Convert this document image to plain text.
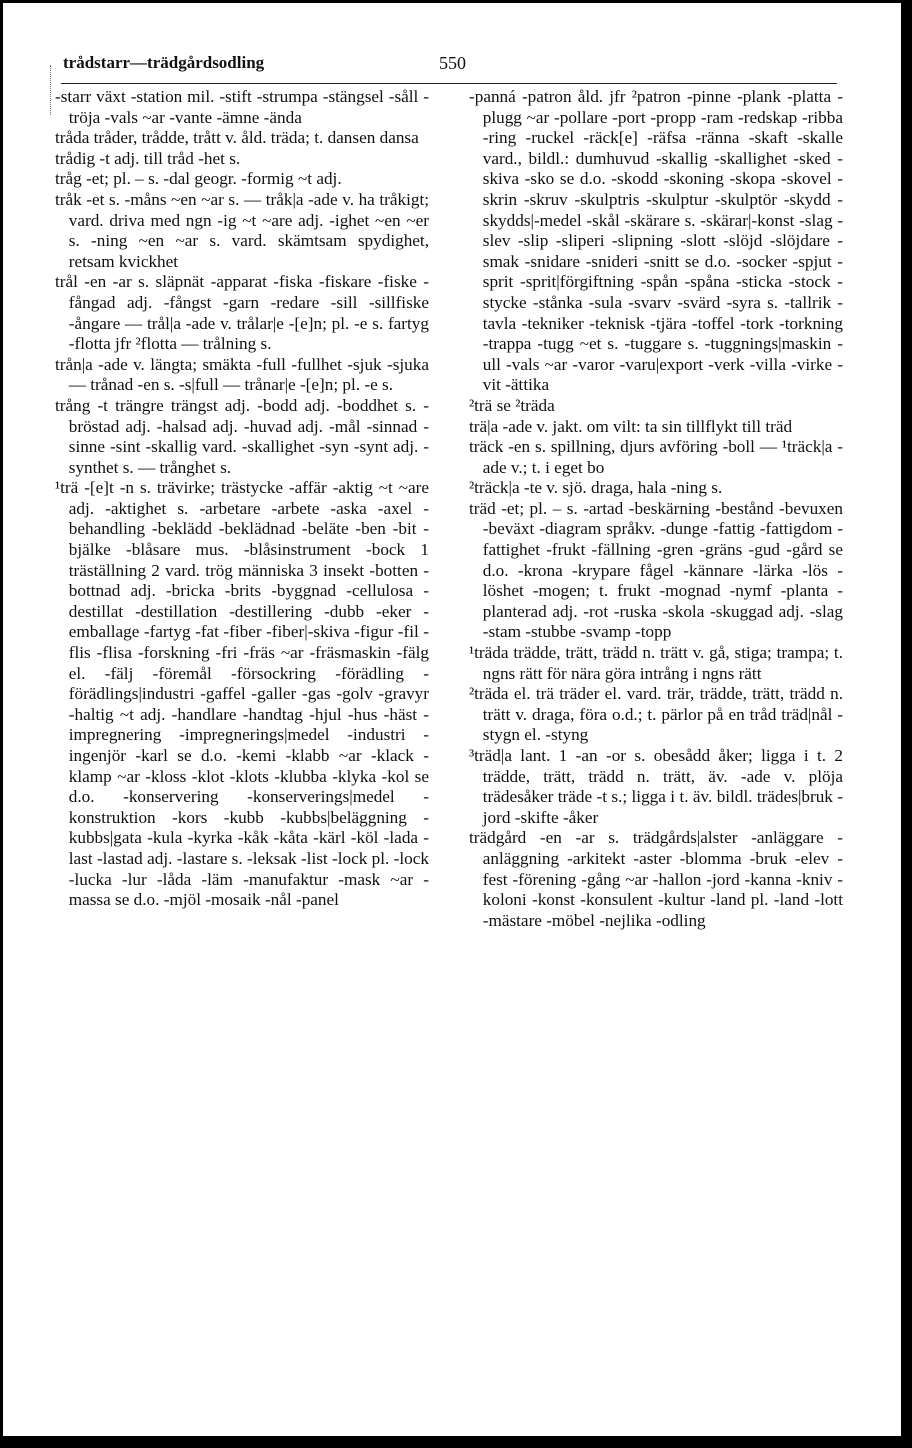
trådstarr—trädgårdsodling	550

-starr växt -station mil. -stift -strumpa -stängsel -såll -tröja -vals ~ar -vante -ämne -ända

tråda tråder, trådde, trått v. åld. träda; t. dansen dansa

trådig -t adj. till tråd -het s.

tråg -et; pl. – s. -dal geogr. -formig ~t adj.

tråk -et s. -måns ~en ~ar s. — tråk|a -ade v. ha tråkigt; vard. driva med ngn -ig ~t ~are adj. -ighet ~en ~er s. -ning ~en ~ar s. vard. skämtsam spydighet, retsam kvickhet

trål -en -ar s. släpnät -apparat -fiska -fiskare -fiske -fångad adj. -fångst -garn -redare -sill -sillfiske -ångare — trål|a -ade v. trålar|e -[e]n; pl. -e s. fartyg -flotta jfr ²flotta — trålning s.

trån|a -ade v. längta; smäkta -full -fullhet -sjuk -sjuka — trånad -en s. -s|full — trånar|e -[e]n; pl. -e s.

trång -t trängre trängst adj. -bodd adj. -boddhet s. -bröstad adj. -halsad adj. -huvad adj. -mål -sinnad -sinne -sint -skallig vard. -skallighet -syn -synt adj. -synthet s. — trånghet s.

¹trä -[e]t -n s. trävirke; trästycke -affär -aktig ~t ~are adj. -aktighet s. -arbetare -arbete -aska -axel -behandling -beklädd -beklädnad -beläte -ben -bit -bjälke -blåsare mus. -blåsinstrument -bock 1 träställning 2 vard. trög människa 3 insekt -botten -bottnad adj. -bricka -brits -byggnad -cellulosa -destillat -destillation -destillering -dubb -eker -emballage -fartyg -fat -fiber -fiber|-skiva -figur -fil -flis -flisa -forskning -fri -fräs ~ar -fräsmaskin -fälg el. -fälj -föremål -försockring -förädling -förädlings|industri -gaffel -galler -gas -golv -gravyr -haltig ~t adj. -handlare -handtag -hjul -hus -häst -impregnering -impregnerings|medel -industri -ingenjör -karl se d.o. -kemi -klabb ~ar -klack -klamp ~ar -kloss -klot -klots -klubba -klyka -kol se d.o. -konservering -konserverings|medel -konstruktion -kors -kubb -kubbs|beläggning -kubbs|gata -kula -kyrka -kåk -kåta -kärl -köl -lada -last -lastad adj. -lastare s. -leksak -list -lock pl. -lock -lucka -lur -låda -läm -manufaktur -mask ~ar -massa se d.o. -mjöl -mosaik -nål -panel

-panná -patron åld. jfr ²patron -pinne -plank -platta -plugg ~ar -pollare -port -propp -ram -redskap -ribba -ring -ruckel -räck[e] -räfsa -ränna -skaft -skalle vard., bildl.: dumhuvud -skallig -skallighet -sked -skiva -sko se d.o. -skodd -skoning -skopa -skovel -skrin -skruv -skulptris -skulptur -skulptör -skydd -skydds|-medel -skål -skärare s. -skärar|-konst -slag -slev -slip -sliperi -slipning -slott -slöjd -slöjdare -smak -snidare -snideri -snitt se d.o. -socker -spjut -sprit -sprit|förgiftning -spån -spåna -sticka -stock -stycke -stånka -sula -svarv -svärd -syra s. -tallrik -tavla -tekniker -teknisk -tjära -toffel -tork -torkning -trappa -tugg ~et s. -tuggare s. -tuggnings|maskin -ull -vals ~ar -varor -varu|export -verk -villa -virke -vit -ättika

²trä se ²träda

trä|a -ade v. jakt. om vilt: ta sin tillflykt till träd

träck -en s. spillning, djurs avföring -boll — ¹träck|a -ade v.; t. i eget bo

²träck|a -te v. sjö. draga, hala -ning s.

träd -et; pl. – s. -artad -beskärning -bestånd -bevuxen -beväxt -diagram språkv. -dunge -fattig -fattigdom -fattighet -frukt -fällning -gren -gräns -gud -gård se d.o. -krona -krypare fågel -kännare -lärka -lös -löshet -mogen; t. frukt -mognad -nymf -planta -planterad adj. -rot -ruska -skola -skuggad adj. -slag -stam -stubbe -svamp -topp

¹träda trädde, trätt, trädd n. trätt v. gå, stiga; trampa; t. ngns rätt för nära göra intrång i ngns rätt

²träda el. trä träder el. vard. trär, trädde, trätt, trädd n. trätt v. draga, föra o.d.; t. pärlor på en tråd träd|nål -stygn el. -styng

³träd|a lant. 1 -an -or s. obesådd åker; ligga i t. 2 trädde, trätt, trädd n. trätt, äv. -ade v. plöja trädesåker träde -t s.; ligga i t. äv. bildl. trädes|bruk -jord -skifte -åker

trädgård -en -ar s. trädgårds|alster -anläggare -anläggning -arkitekt -aster -blomma -bruk -elev -fest -förening -gång ~ar -hallon -jord -kanna -kniv -koloni -konst -konsulent -kultur -land pl. -land -lott -mästare -möbel -nejlika -odling
